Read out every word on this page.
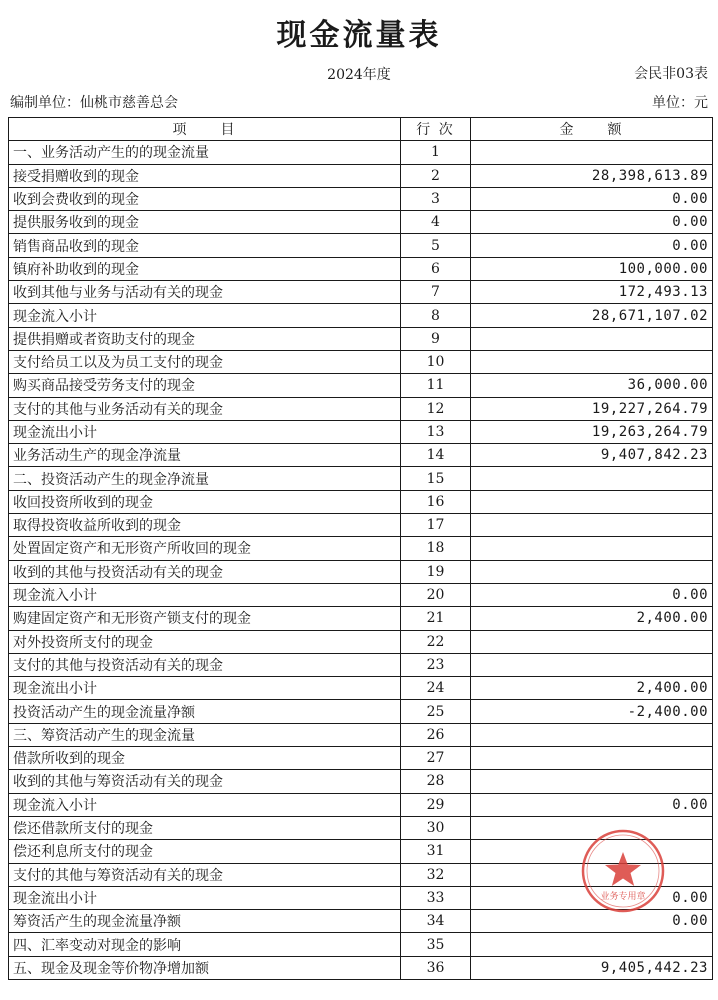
现金流量表
2024年度	会民非03表
编制单位：仙桃市慈善总会	单位：元
项　　目	行 次	金　　额
一、业务活动产生的的现金流量	1	
接受捐赠收到的现金	2	28,398,613.89
收到会费收到的现金	3	0.00
提供服务收到的现金	4	0.00
销售商品收到的现金	5	0.00
镇府补助收到的现金	6	100,000.00
收到其他与业务与活动有关的现金	7	172,493.13
现金流入小计	8	28,671,107.02
提供捐赠或者资助支付的现金	9	
支付给员工以及为员工支付的现金	10	
购买商品接受劳务支付的现金	11	36,000.00
支付的其他与业务活动有关的现金	12	19,227,264.79
现金流出小计	13	19,263,264.79
业务活动生产的现金净流量	14	9,407,842.23
二、投资活动产生的现金净流量	15	
收回投资所收到的现金	16	
取得投资收益所收到的现金	17	
处置固定资产和无形资产所收回的现金	18	
收到的其他与投资活动有关的现金	19	
现金流入小计	20	0.00
购建固定资产和无形资产锁支付的现金	21	2,400.00
对外投资所支付的现金	22	
支付的其他与投资活动有关的现金	23	
现金流出小计	24	2,400.00
投资活动产生的现金流量净额	25	-2,400.00
三、筹资活动产生的现金流量	26	
借款所收到的现金	27	
收到的其他与筹资活动有关的现金	28	
现金流入小计	29	0.00
偿还借款所支付的现金	30	
偿还利息所支付的现金	31	
支付的其他与筹资活动有关的现金	32	
现金流出小计	33	0.00
筹资活产生的现金流量净额	34	0.00
四、汇率变动对现金的影响	35	
五、现金及现金等价物净增加额	36	9,405,442.23
业务专用章
